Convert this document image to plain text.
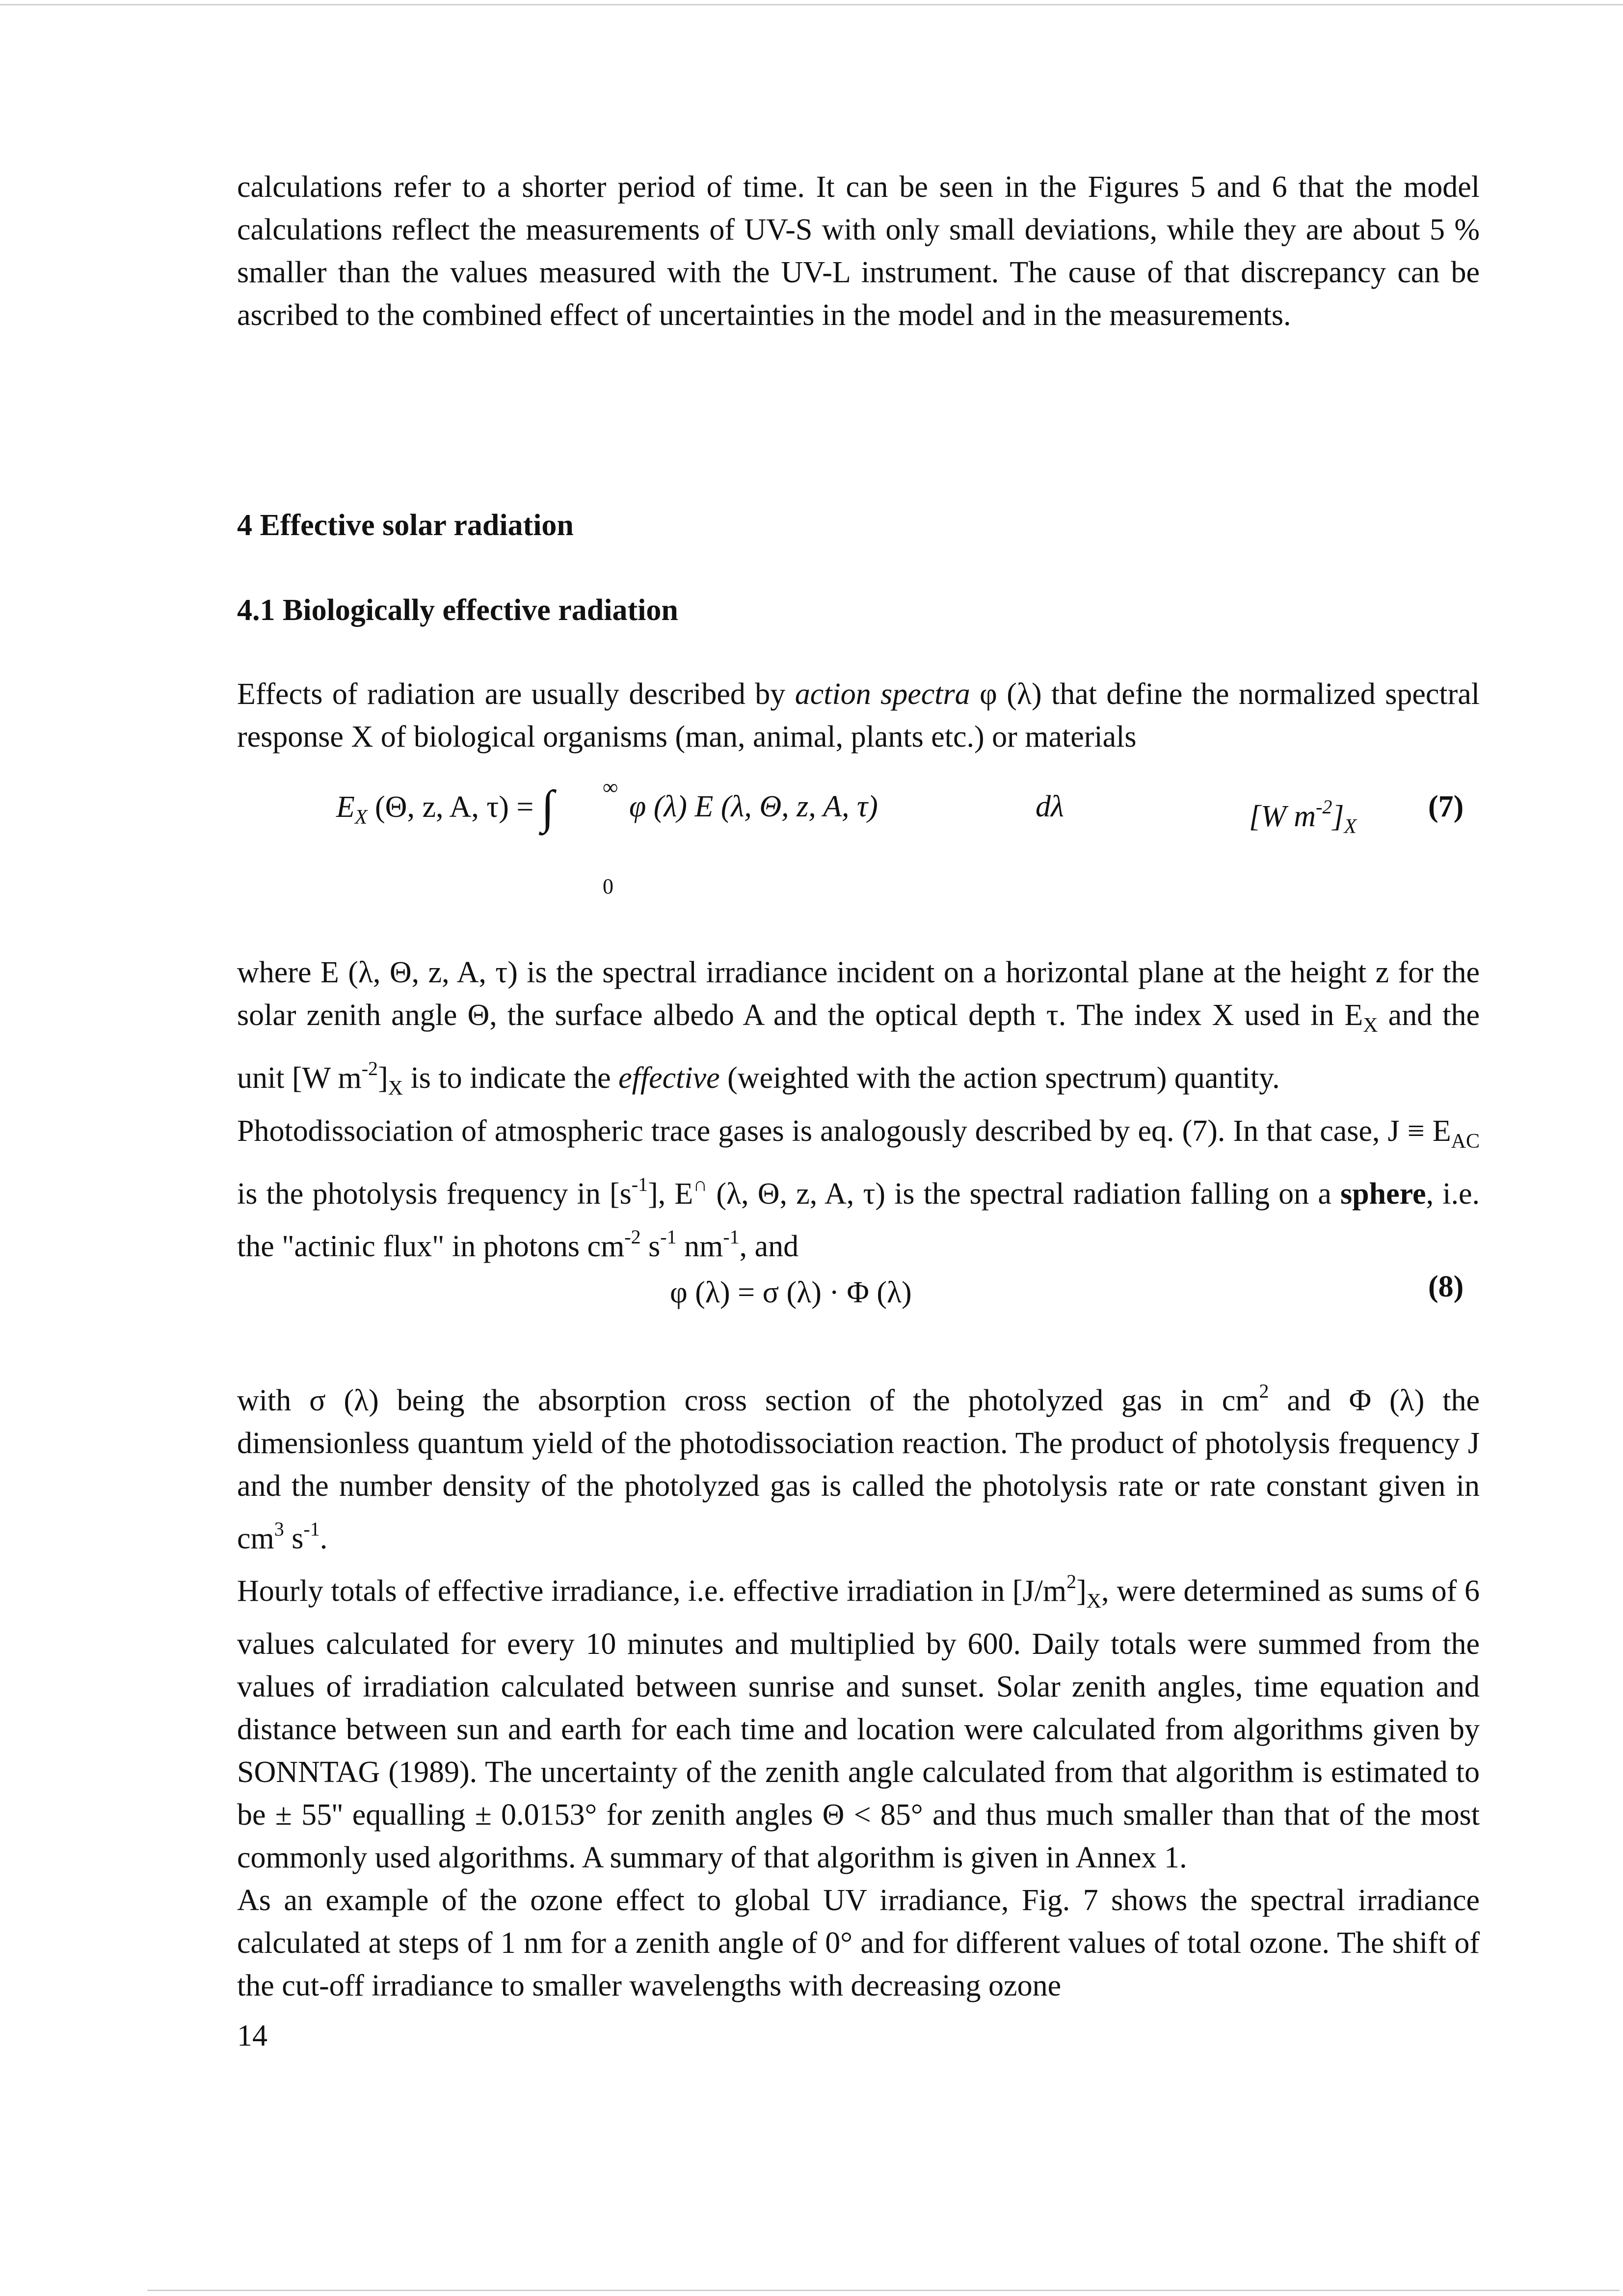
calculations refer to a shorter period of time. It can be seen in the Figures 5 and 6 that the model calculations reflect the measurements of UV-S with only small deviations, while they are about 5 % smaller than the values measured with the UV-L instrument. The cause of that discrepancy can be ascribed to the combined effect of uncertainties in the model and in the measurements.

4 Effective solar radiation
4.1 Biologically effective radiation

Effects of radiation are usually described by action spectra φ (λ) that define the normalized spectral response X of biological organisms (man, animal, plants etc.) or materials

$E_X$ (Θ, z, A, τ) = ∫ ∞
0
φ (λ) E (λ, Θ, z, A, τ)	dλ	[W $m^{-2}]_X$
(7)

where E (λ, Θ, z, A, τ) is the spectral irradiance incident on a horizontal plane at the height z for the solar zenith angle Θ, the surface albedo A and the optical depth τ. The index X used in $E_X$ and the unit [W $m^{-2}]_X$ is to indicate the effective (weighted with the action spectrum) quantity.

Photodissociation of atmospheric trace gases is analogously described by eq. (7). In that case, $J \equiv E_{AC}$ is the photolysis frequency in $[s^{-1}]$, E∩ (λ, Θ, z, A, τ) is the spectral radiation falling on a sphere, i.e. the "actinic flux" in photons $cm^{-2}$ $s^{-1}$ $nm^{-1}$, and

φ (λ) = σ (λ) · Φ (λ)	(8)

with σ (λ) being the absorption cross section of the photolyzed gas in $cm^2$ and Φ (λ) the dimensionless quantum yield of the photodissociation reaction. The product of photolysis frequency J and the number density of the photolyzed gas is called the photolysis rate or rate constant given in $cm^3$ $s^{-1}$.

Hourly totals of effective irradiance, i.e. effective irradiation in $[J/m^2]_X$, were determined as sums of 6 values calculated for every 10 minutes and multiplied by 600. Daily totals were summed from the values of irradiation calculated between sunrise and sunset. Solar zenith angles, time equation and distance between sun and earth for each time and location were calculated from algorithms given by SONNTAG (1989). The uncertainty of the zenith angle calculated from that algorithm is estimated to be ± 55'' equalling ± 0.0153° for zenith angles Θ < 85° and thus much smaller than that of the most commonly used algorithms. A summary of that algorithm is given in Annex 1.

As an example of the ozone effect to global UV irradiance, Fig. 7 shows the spectral irradiance calculated at steps of 1 nm for a zenith angle of 0° and for different values of total ozone. The shift of the cut-off irradiance to smaller wavelengths with decreasing ozone

14
